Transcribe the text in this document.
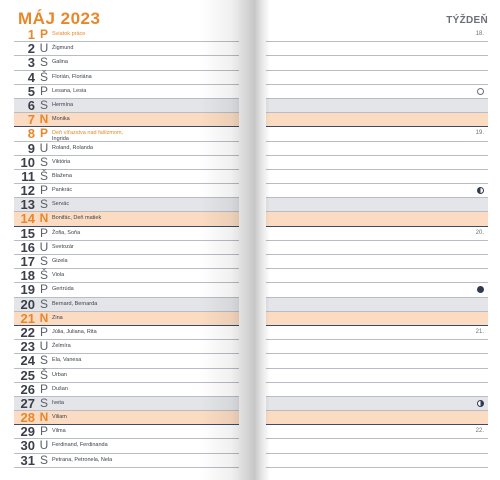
MÁJ 2023
1 P Sviatok práce
2 U Žigmund
3 S Galina
4 Š Florián, Floriána
5 P Lesana, Lesia
6 S Hermína
7 N Monika
8 P Deň víťazstva nad fašizmom,
Ingrida
9 U Roland, Rolanda
10 S Viktória
11 Š Blažena
12 P Pankrác
13 S Servác
14 N Bonifác, Deň matiek
15 P Žofia, Soňa
16 U Svetozár
17 S Gizela
18 Š Viola
19 P Gertrúda
20 S Bernard, Bernarda
21 N Zina
22 P Júlia, Juliana, Rita
23 U Želmíra
24 S Ela, Vanesa
25 Š Urban
26 P Dušan
27 S Iveta
28 N Viliam
29 P Vilma
30 U Ferdinand, Ferdinanda
31 S Petrana, Petronela, Nela
TÝŽDEŇ
18.
19.
20.
21.
22.
